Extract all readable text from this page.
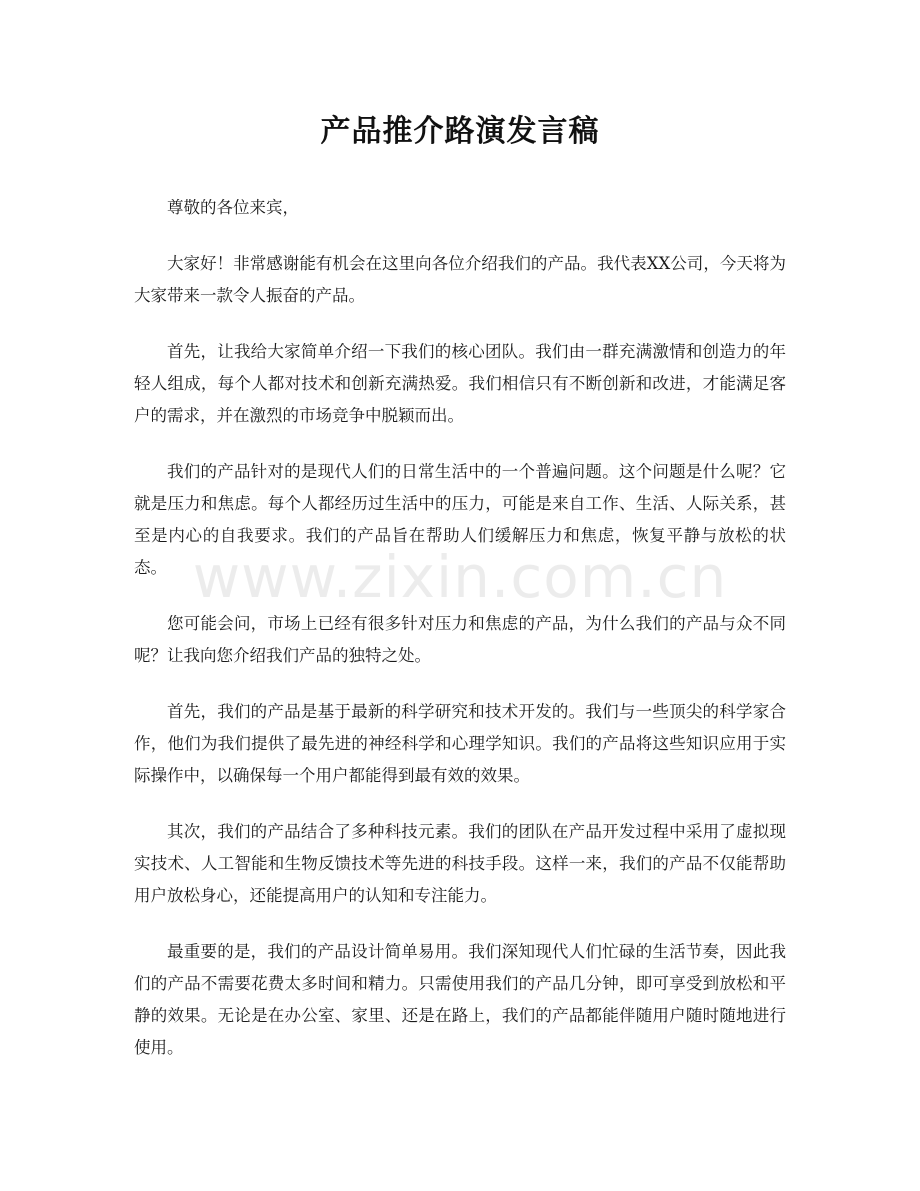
产品推介路演发言稿

尊敬的各位来宾，

大家好！非常感谢能有机会在这里向各位介绍我们的产品。我代表XX公司，今天将为大家带来一款令人振奋的产品。

首先，让我给大家简单介绍一下我们的核心团队。我们由一群充满激情和创造力的年轻人组成，每个人都对技术和创新充满热爱。我们相信只有不断创新和改进，才能满足客户的需求，并在激烈的市场竞争中脱颖而出。

我们的产品针对的是现代人们的日常生活中的一个普遍问题。这个问题是什么呢？它就是压力和焦虑。每个人都经历过生活中的压力，可能是来自工作、生活、人际关系，甚至是内心的自我要求。我们的产品旨在帮助人们缓解压力和焦虑，恢复平静与放松的状态。

您可能会问，市场上已经有很多针对压力和焦虑的产品，为什么我们的产品与众不同呢？让我向您介绍我们产品的独特之处。

首先，我们的产品是基于最新的科学研究和技术开发的。我们与一些顶尖的科学家合作，他们为我们提供了最先进的神经科学和心理学知识。我们的产品将这些知识应用于实际操作中，以确保每一个用户都能得到最有效的效果。

其次，我们的产品结合了多种科技元素。我们的团队在产品开发过程中采用了虚拟现实技术、人工智能和生物反馈技术等先进的科技手段。这样一来，我们的产品不仅能帮助用户放松身心，还能提高用户的认知和专注能力。

最重要的是，我们的产品设计简单易用。我们深知现代人们忙碌的生活节奏，因此我们的产品不需要花费太多时间和精力。只需使用我们的产品几分钟，即可享受到放松和平静的效果。无论是在办公室、家里、还是在路上，我们的产品都能伴随用户随时随地进行使用。

www.zixin.com.cn
